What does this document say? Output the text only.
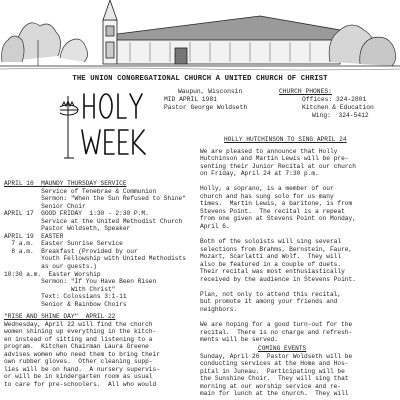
THE UNION CONGREGATIONAL CHURCH A UNITED CHURCH OF CHRIST
Waupun, Wisconsin
MID APRIL 1981
Pastor George Woldseth
CHURCH PHONES:
Offices: 324-2801
Kitchen & Education
Wing:  324-5412
APRIL 16  MAUNDY THURSDAY SERVICE
Service of Tenebrae & Communion
Sermon: "When the Sun Refused to Shine"
Senior Choir
APRIL 17  GOOD FRIDAY  1:30 - 2:30 P.M.
Service at the United Methodist Church
Pastor Woldseth, Speaker
APRIL 19  EASTER
7 a.m.  Easter Sunrise Service
8 a.m.  Breakfast (Provided by our
Youth Fellowship with United Methodists
as our guests.)
10:30 a.m.  Easter Worship
Sermon: "If You Have Been Risen
With Christ"
Text: Colossians 3:1-11
Senior & Rainbow Choirs
"RISE AND SHINE DAY"  APRIL 22
Wednesday, April 22 will find the church
women shining up everything in the kitch-
en instead of sitting and listening to a
program.  Kitchen Chairman Laura Greene
advises women who need them to bring their
own rubber gloves.  Other cleaning supp-
lies will be on hand.  A nursery supervis-
or will be in kindergarten room as usual
to care for pre-schoolers.  All who would
HOLLY HUTCHINSON TO SING APRIL 24
We are pleased to announce that Holly
Hutchinson and Martin Lewis will be pre-
senting their Junior Recital at our church
on Friday, April 24 at 7:30 p.m.

Holly, a soprano, is a member of our
church and has sung solo for us many
times.  Martin Lewis, a baritone, is from
Stevens Point.  The recital is a repeat
from one given at Stevens Point on Monday,
April 6.

Both of the soloists will sing several
selections from Brahms, Bernstein, Faure,
Mozart, Scarlatti and Wolf.  They will
also be featured in a couple of duets.
Their recital was most enthusiastically
received by the audience in Stevens Point.

Plan, not only to attend this recital,
but promote it among your friends and
neighbors.

We are hoping for a good turn-out for the
recital.  There is no charge and refresh-
ments will be served.
COMING EVENTS
Sunday, April 26  Pastor Woldseth will be
conducting services at the Home and Hos-
pital in Juneau.  Participating will be
the Sunshine Choir.  They will sing that
morning at our worship service and re-
main for lunch at the church.  They will
